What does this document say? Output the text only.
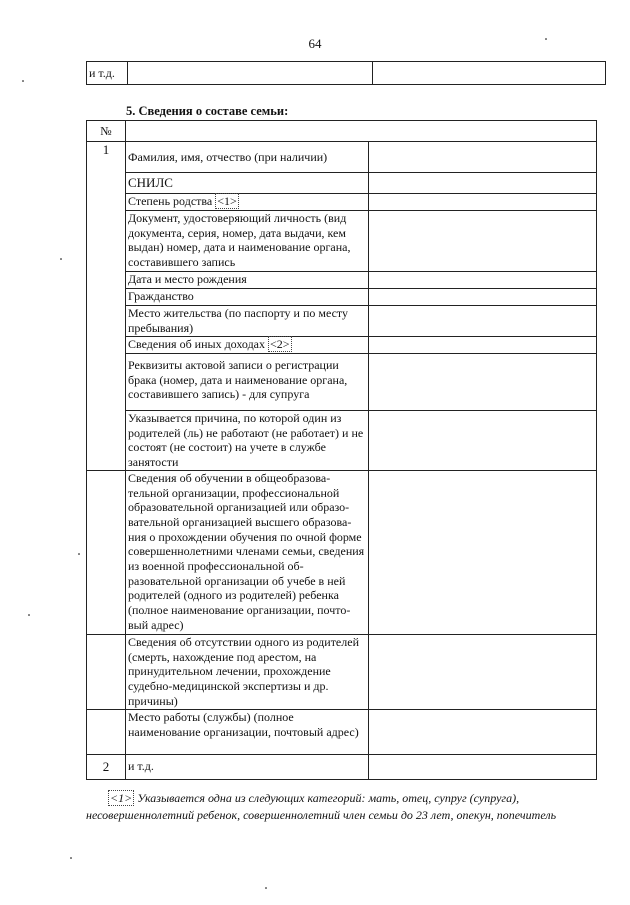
64
и т.д.		
5. Сведения о составе семьи:
№		
1	Фамилия, имя, отчество (при наличии)	
	СНИЛС	
	Степень родства <1>	
	Документ, удостоверяющий личность (вид документа, серия, номер, дата выдачи, кем выдан) номер, дата и наименование органа, составившего запись	
	Дата и место рождения	
	Гражданство	
	Место жительства (по паспорту и по месту пребывания)	
	Сведения об иных доходах <2>	
	Реквизиты актовой записи о регистрации брака (номер, дата и наименование органа, составившего запись) - для супруга	
	Указывается причина, по которой один из родителей (ль) не работают (не работает) и не состоят (не состоит) на учете в службе занятости	
	Сведения об обучении в общеобразова-тельной организации, профессиональной образовательной организацией или образо-вательной организацией высшего образова-ния о прохождении обучения по очной форме совершеннолетними членами семьи, сведения из военной профессиональной об-разовательной организации об учебе в ней родителей (одного из родителей) ребенка (полное наименование организации, почто-вый адрес)	
	Сведения об отсутствии одного из родителей (смерть, нахождение под арестом, на принудительном лечении, прохождение судебно-медицинской экспертизы и др. причины)	
	Место работы (службы) (полное наименование организации, почтовый адрес)	
2	и т.д.	
<1> Указывается одна из следующих категорий: мать, отец, супруг (супруга), несовершеннолетний ребенок, совершеннолетний член семьи до 23 лет, опекун, попечитель
